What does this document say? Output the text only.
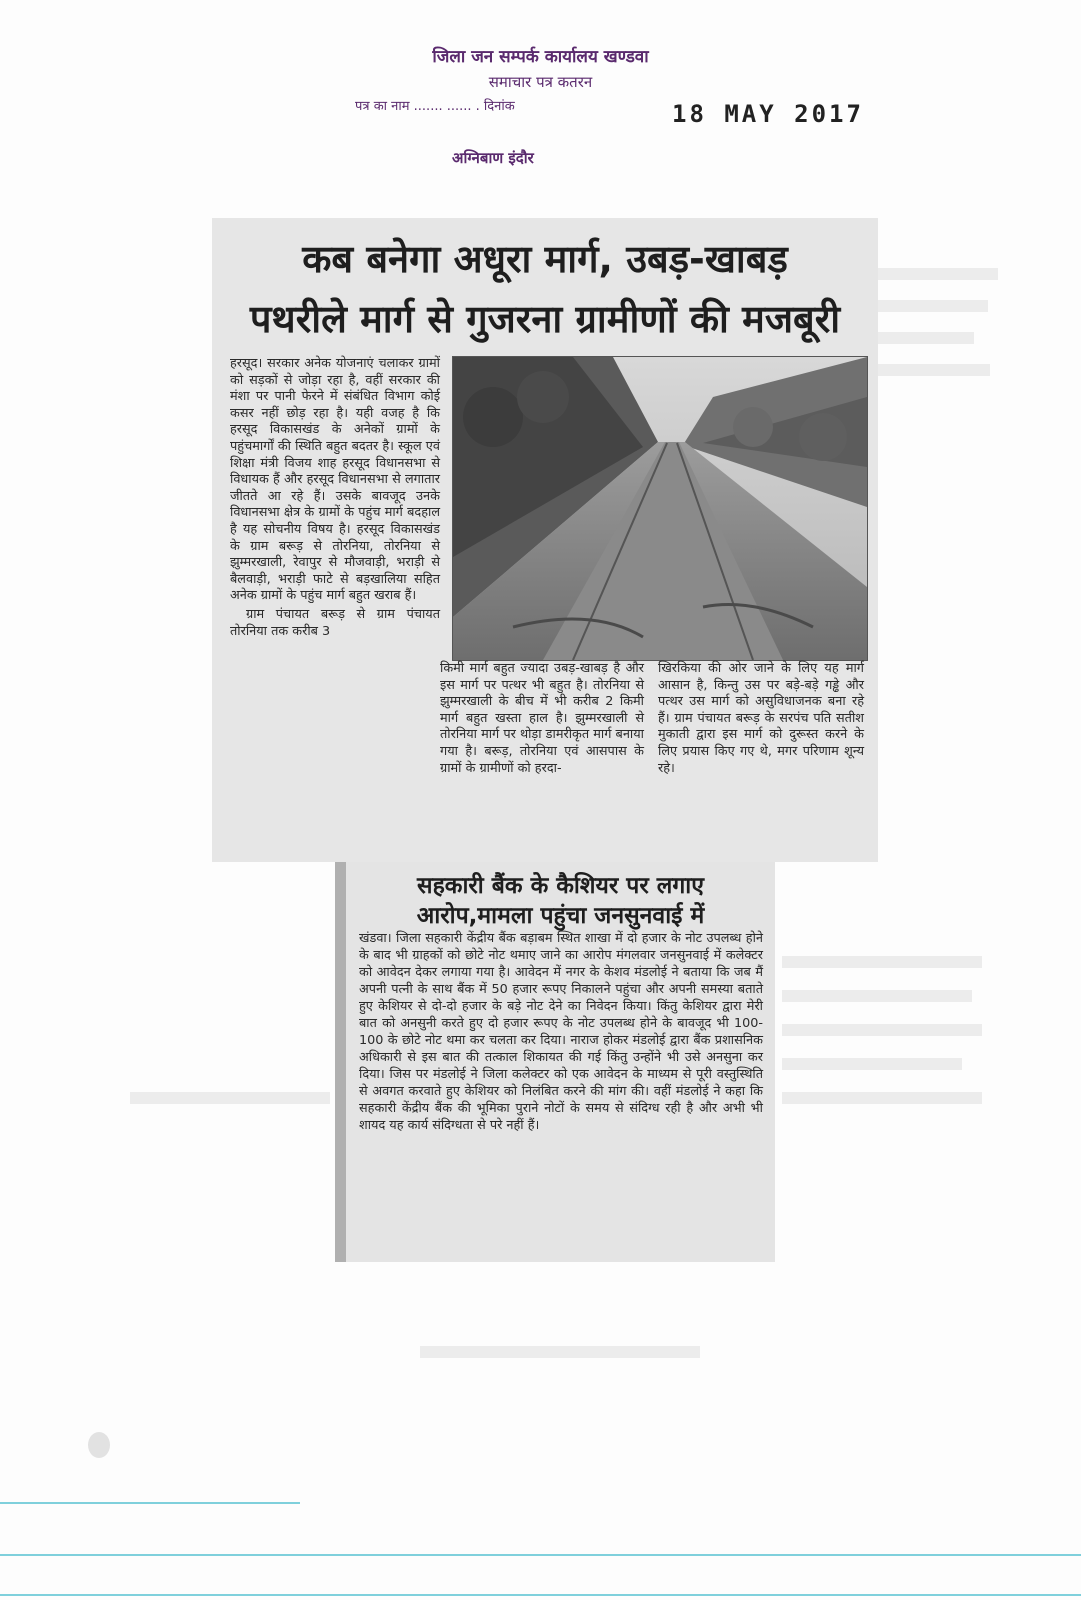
जिला जन सम्पर्क कार्यालय खण्डवा
समाचार पत्र कतरन
पत्र का नाम ....... ...... . दिनांक	18 MAY 2017
अग्निबाण इंदौर
कब बनेगा अधूरा मार्ग, उबड़-खाबड़
पथरीले मार्ग से गुजरना ग्रामीणों की मजबूरी

हरसूद। सरकार अनेक योजनाएं चलाकर ग्रामों को सड़कों से जोड़ा रहा है, वहीं सरकार की मंशा पर पानी फेरने में संबंधित विभाग कोई कसर नहीं छोड़ रहा है। यही वजह है कि हरसूद विकासखंड के अनेकों ग्रामों के पहुंचमार्गों की स्थिति बहुत बदतर है। स्कूल एवं शिक्षा मंत्री विजय शाह हरसूद विधानसभा से विधायक हैं और हरसूद विधानसभा से लगातार जीतते आ रहे हैं। उसके बावजूद उनके विधानसभा क्षेत्र के ग्रामों के पहुंच मार्ग बदहाल है यह सोचनीय विषय है। हरसूद विकासखंड के ग्राम बरूड़ से तोरनिया, तोरनिया से झुम्मरखाली, रेवापुर से मौजवाड़ी, भराड़ी से बैलवाड़ी, भराड़ी फाटे से बड़खालिया सहित अनेक ग्रामों के पहुंच मार्ग बहुत खराब हैं।

ग्राम पंचायत बरूड़ से ग्राम पंचायत तोरनिया तक करीब 3

किमी मार्ग बहुत ज्यादा उबड़-खाबड़ है और इस मार्ग पर पत्थर भी बहुत है। तोरनिया से झुम्मरखाली के बीच में भी करीब 2 किमी मार्ग बहुत खस्ता हाल है। झुम्मरखाली से तोरनिया मार्ग पर थोड़ा डामरीकृत मार्ग बनाया गया है। बरूड़, तोरनिया एवं आसपास के ग्रामों के ग्रामीणों को हरदा-
खिरकिया की ओर जाने के लिए यह मार्ग आसान है, किन्तु उस पर बड़े-बड़े गड्ढे और पत्थर उस मार्ग को असुविधाजनक बना रहे हैं। ग्राम पंचायत बरूड़ के सरपंच पति सतीश मुकाती द्वारा इस मार्ग को दुरूस्त करने के लिए प्रयास किए गए थे, मगर परिणाम शून्य रहे।
सहकारी बैंक के कैशियर पर लगाए
आरोप,मामला पहुंचा जनसुनवाई में
खंडवा। जिला सहकारी केंद्रीय बैंक बड़ाबम स्थित शाखा में दो हजार के नोट उपलब्ध होने के बाद भी ग्राहकों को छोटे नोट थमाए जाने का आरोप मंगलवार जनसुनवाई में कलेक्टर को आवेदन देकर लगाया गया है। आवेदन में नगर के केशव मंडलोई ने बताया कि जब मैं अपनी पत्नी के साथ बैंक में 50 हजार रूपए निकालने पहुंचा और अपनी समस्या बताते हुए केशियर से दो-दो हजार के बड़े नोट देने का निवेदन किया। किंतु केशियर द्वारा मेरी बात को अनसुनी करते हुए दो हजार रूपए के नोट उपलब्ध होने के बावजूद भी 100-100 के छोटे नोट थमा कर चलता कर दिया। नाराज होकर मंडलोई द्वारा बैंक प्रशासनिक अधिकारी से इस बात की तत्काल शिकायत की गई किंतु उन्होंने भी उसे अनसुना कर दिया। जिस पर मंडलोई ने जिला कलेक्टर को एक आवेदन के माध्यम से पूरी वस्तुस्थिति से अवगत करवाते हुए केशियर को निलंबित करने की मांग की। वहीं मंडलोई ने कहा कि सहकारी केंद्रीय बैंक की भूमिका पुराने नोटों के समय से संदिग्ध रही है और अभी भी शायद यह कार्य संदिग्धता से परे नहीं हैं।
